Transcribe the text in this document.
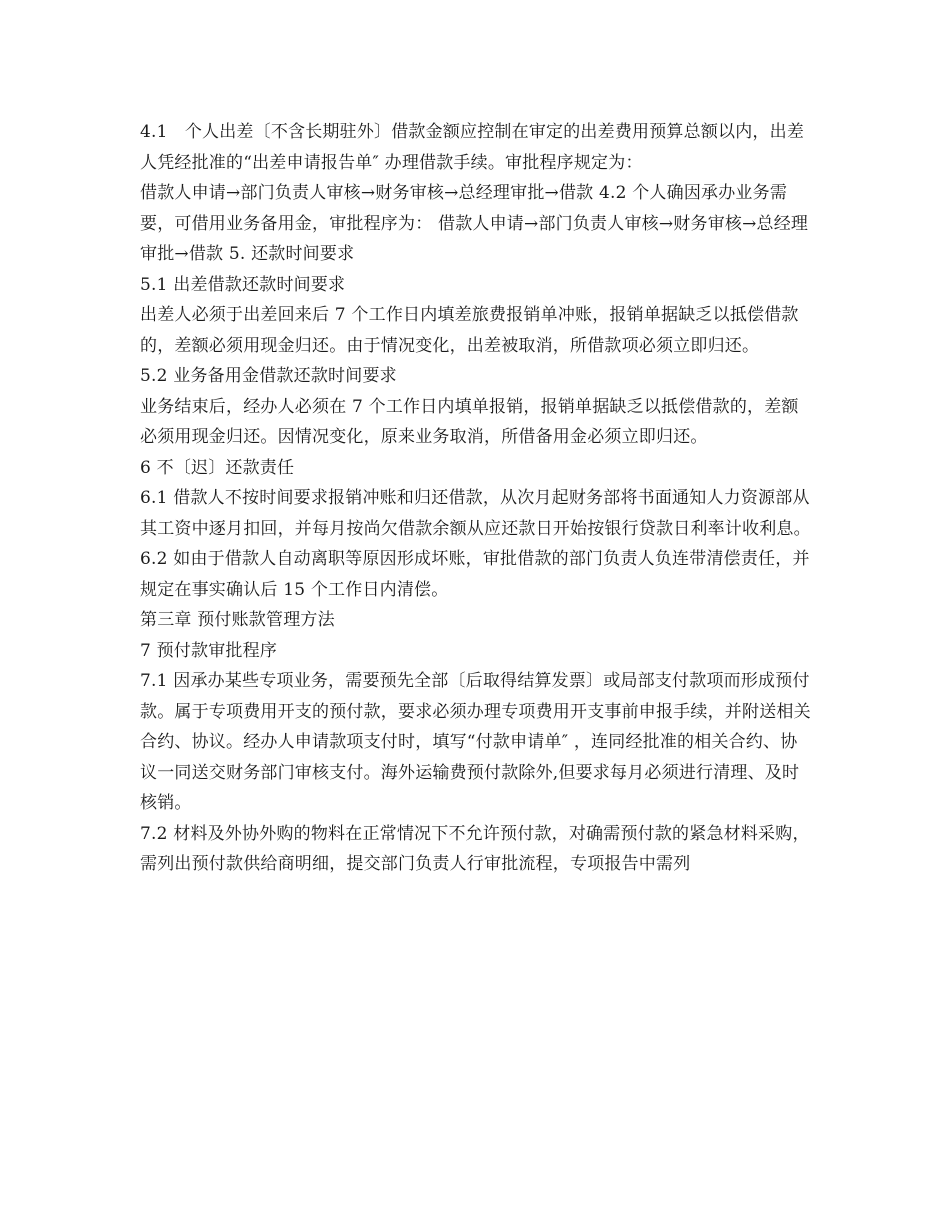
4.1　个人出差〔不含长期驻外〕借款金额应控制在审定的出差费用预算总额以内，出差人凭经批准的“出差申请报告单″ 办理借款手续。审批程序规定为：

借款人申请→部门负责人审核→财务审核→总经理审批→借款 4.2 个人确因承办业务需要，可借用业务备用金，审批程序为： 借款人申请→部门负责人审核→财务审核→总经理审批→借款 5. 还款时间要求

5.1 出差借款还款时间要求

出差人必须于出差回来后 7 个工作日内填差旅费报销单冲账，报销单据缺乏以抵偿借款的，差额必须用现金归还。由于情况变化，出差被取消，所借款项必须立即归还。

5.2 业务备用金借款还款时间要求

业务结束后，经办人必须在 7 个工作日内填单报销，报销单据缺乏以抵偿借款的，差额必须用现金归还。因情况变化，原来业务取消，所借备用金必须立即归还。

6 不〔迟〕还款责任

6.1 借款人不按时间要求报销冲账和归还借款，从次月起财务部将书面通知人力资源部从其工资中逐月扣回，并每月按尚欠借款余额从应还款日开始按银行贷款日利率计收利息。

6.2 如由于借款人自动离职等原因形成坏账，审批借款的部门负责人负连带清偿责任，并规定在事实确认后 15 个工作日内清偿。

第三章 预付账款管理方法

7 预付款审批程序

7.1 因承办某些专项业务，需要预先全部〔后取得结算发票〕或局部支付款项而形成预付款。属于专项费用开支的预付款，要求必须办理专项费用开支事前申报手续，并附送相关合约、协议。经办人申请款项支付时，填写“付款申请单″ ，连同经批准的相关合约、协议一同送交财务部门审核支付。海外运输费预付款除外,但要求每月必须进行清理、及时核销。

7.2 材料及外协外购的物料在正常情况下不允许预付款，对确需预付款的紧急材料采购，需列出预付款供给商明细，提交部门负责人行审批流程，专项报告中需列
